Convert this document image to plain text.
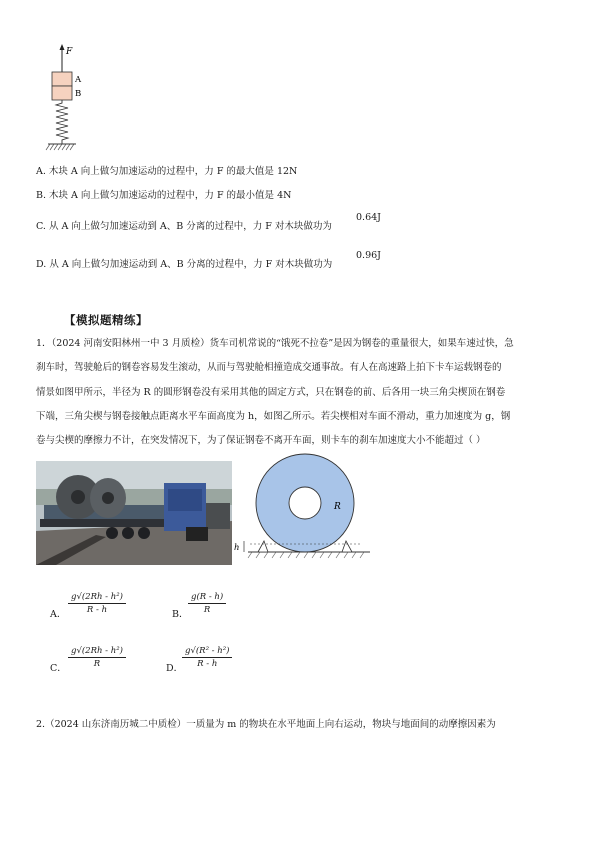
F
A
B
A. 木块 A 向上做匀加速运动的过程中，力 F 的最大值是 12N
B. 木块 A 向上做匀加速运动的过程中，力 F 的最小值是 4N
C. 从 A 向上做匀加速运动到 A、B 分离的过程中，力 F 对木块做功为
0.64J
D. 从 A 向上做匀加速运动到 A、B 分离的过程中，力 F 对木块做功为
0.96J
【模拟题精练】
1．（2024 河南安阳林州一中 3 月质检）货车司机常说的“饿死不拉卷”是因为钢卷的重量很大，如果车速过快，急
刹车时，驾驶舱后的钢卷容易发生滚动，从而与驾驶舱相撞造成交通事故。有人在高速路上拍下卡车运载钢卷的
情景如图甲所示，半径为 R 的圆形钢卷没有采用其他的固定方式，只在钢卷的前、后各用一块三角尖楔顶在钢卷
下端，三角尖楔与钢卷接触点距离水平车面高度为 h，如图乙所示。若尖楔相对车面不滑动，重力加速度为 g，钢
卷与尖楔的摩擦力不计，在突发情况下，为了保证钢卷不离开车面，则卡车的刹车加速度大小不能超过（ ）
R
h
A． $\frac{\text{g√(2Rh - h²)}}{R - h}$	B． $\frac{g(R - h)}{R}$
C． $\frac{\text{g√(2Rh - h²)}}{R}$	D．
$\frac{\text{g√(R² - h²)}}{R - h}$
2.（2024 山东济南历城二中质检）一质量为 m 的物块在水平地面上向右运动，物块与地面间的动摩擦因素为
